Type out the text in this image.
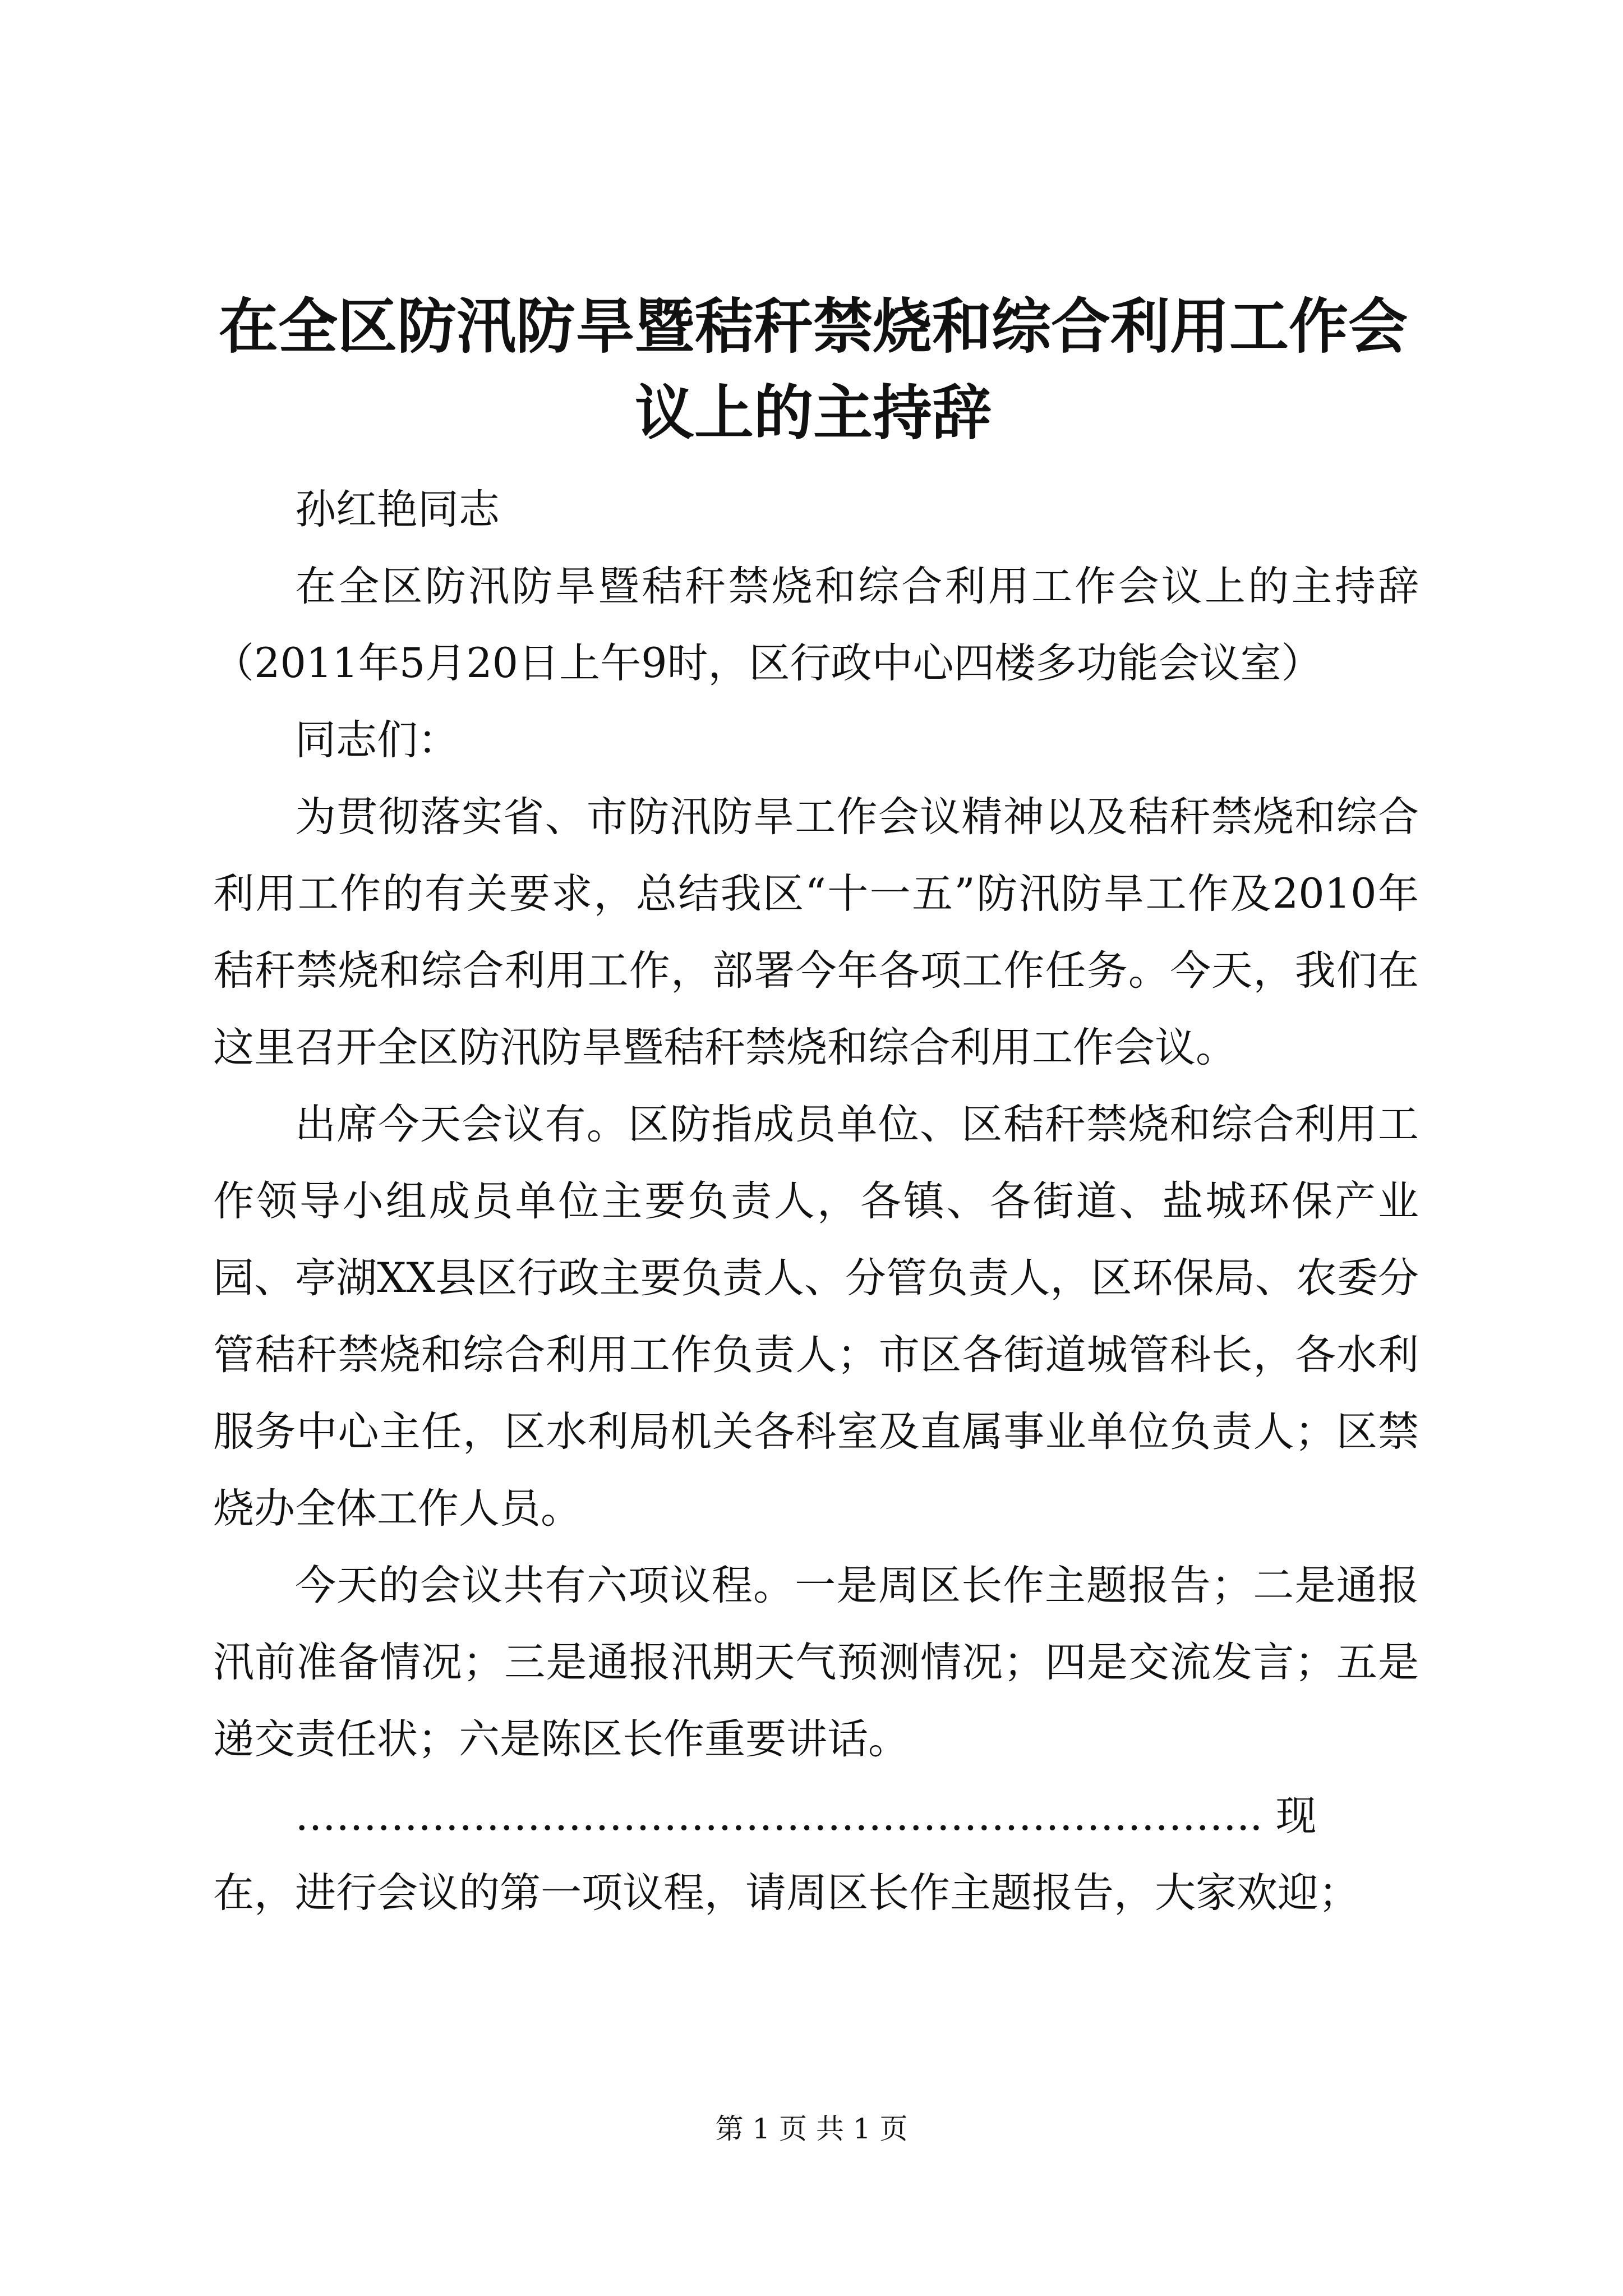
在全区防汛防旱暨秸秆禁烧和综合利用工作会议上的主持辞

孙红艳同志

在全区防汛防旱暨秸秆禁烧和综合利用工作会议上的主持辞（2011年5月20日上午9时，区行政中心四楼多功能会议室）

同志们：

为贯彻落实省、市防汛防旱工作会议精神以及秸秆禁烧和综合利用工作的有关要求，总结我区“十一五”防汛防旱工作及2010年秸秆禁烧和综合利用工作，部署今年各项工作任务。今天，我们在这里召开全区防汛防旱暨秸秆禁烧和综合利用工作会议。

出席今天会议有。区防指成员单位、区秸秆禁烧和综合利用工作领导小组成员单位主要负责人，各镇、各街道、盐城环保产业园、亭湖XX县区行政主要负责人、分管负责人，区环保局、农委分管秸秆禁烧和综合利用工作负责人；市区各街道城管科长，各水利服务中心主任，区水利局机关各科室及直属事业单位负责人；区禁烧办全体工作人员。

今天的会议共有六项议程。一是周区长作主题报告；二是通报汛前准备情况；三是通报汛期天气预测情况；四是交流发言；五是递交责任状；六是陈区长作重要讲话。

…………………………………………………………….. 现

在，进行会议的第一项议程，请周区长作主题报告，大家欢迎；

第 1 页 共 1 页
